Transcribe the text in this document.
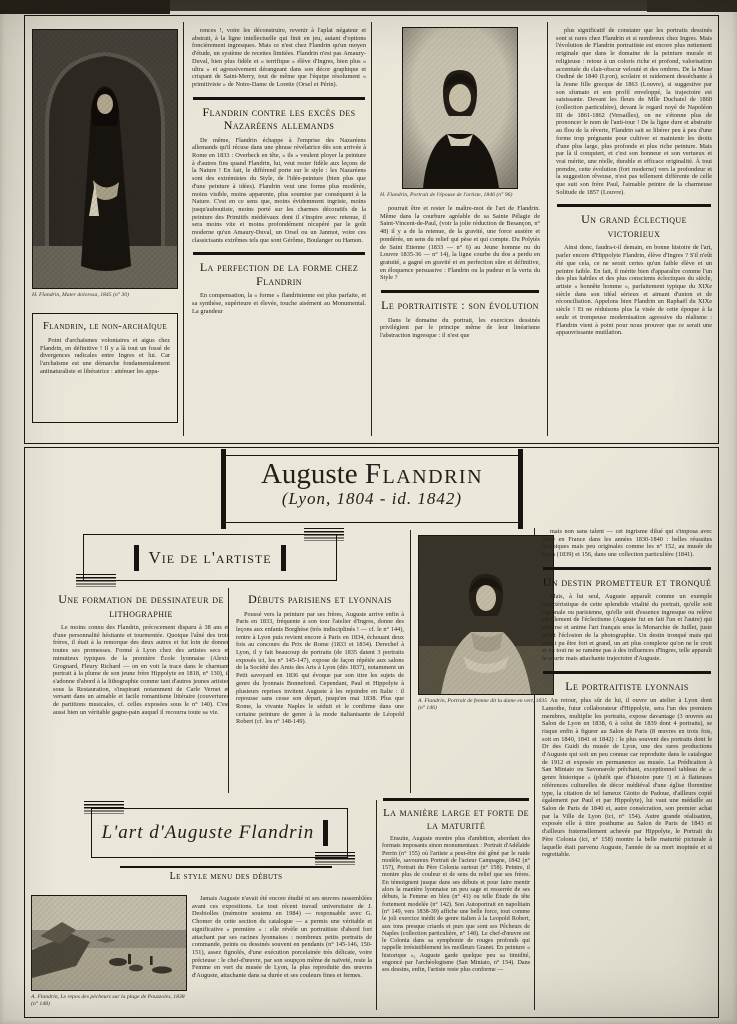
H. Flandrin, Mater dolorosa, 1845 (n° 30)
Flandrin, le non-archaïque
Point d'archaïsmes volontaires et aigus chez Flandrin, en définitive ! Il y a là tout un fossé de divergences radicales entre Ingres et lui. Car l'archaïsme est une démarche fondamentalement antinaturaliste et libératrice : atténuer les appa-
rences !, voire les déconstruire, revenir à l'aplat négateur et abstrait, à la ligne intellectuelle qui finit en jeu, autant d'options foncièrement ingresques. Mais ce n'est chez Flandrin qu'un moyen d'étude, un système de recettes limitées. Flandrin n'est pas Amaury-Duval, bien plus fidèle et « terrifique » élève d'Ingres, bien plus « ultra » et agressivement dérangeant dans son décor graphique et crispant de Saint-Merry, tout de même que l'équipe résolument « primitiviste » de Notre-Dame de Lorette (Orsel et Périn).
Flandrin contre les excès des Nazaréens allemands
De même, Flandrin échappe à l'emprise des Nazaréens allemands qu'il récuse dans une phrase révélatrice dès son arrivée à Rome en 1833 : Overbeck en tête, « ils » veulent ployer la peinture à d'autres fins quand Flandrin, lui, veut rester fidèle aux leçons de la Nature ! En fait, le différend porte sur le style : les Nazaréens sont des extrémistes du Style, de l'idée-peinture (bien plus que d'une peinture à idées). Flandrin veut une forme plus modérée, moins visible, moins apparente, plus soumise par conséquent à la Nature. C'est en ce sens que, moins évidemment ingriste, moins jusqu'auboutiste, moins porté sur les charmes décoratifs de la peinture des Primitifs médiévaux dont il s'inspire avec retenue, il sera moins vite et moins profondément récupéré par le goût moderne qu'un Amaury-Duval, un Orsel ou un Janmot, voire ces classicisants extrêmes tels que sont Gérôme, Boulanger ou Hamon.
La perfection de la forme chez Flandrin
En compensation, la « forme » flandrinienne est plus parfaite, et sa synthèse, supérieure et élevée, touche aisément au Monumental. La grandeur
H. Flandrin, Portrait de l'épouse de l'artiste, 1846 (n° 96)
pourrait être et rester le maître-mot de l'art de Flandrin. Même dans la courbure agréable de sa Sainte Pélagie de Saint-Vincent-de-Paul, (voir la jolie réduction de Besançon, n° 48) il y a de la retenue, de la gravité, une force austère et pondérée, un sens du relief qui pèse et qui compte. Du Polytès de Saint Etienne (1833 — n° 6) au Jeune homme nu du Louvre 1835-36 — n° 14), la ligne courbe du dos a perdu en gratuité, a gagné en gravité et en perfection sûre et définitive, en éloquence persuasive : Flandrin ou la pudeur et la vertu du Style ?
Le portraitiste : son évolution
Dans le domaine du portrait, les exercices dessinés privilégient par le principe même de leur linéarisme l'abstraction ingresque : il n'est que
plus significatif de constater que les portraits dessinés sont si rares chez Flandrin et si nombreux chez Ingres. Mais l'évolution de Flandrin portraitiste est encore plus nettement originale que dans le domaine de la peinture murale et religieuse : retour à un coloris riche et profond, valorisation accentuée du clair-obscur velouté et des ombres. De la Muse Oudiné de 1840 (Lyon), scolaire et raidement desséchante à la Jeune fille grecque de 1863 (Louvre), si suggestive par son sfumato et son profil enveloppé, la trajectoire est saisissante. Devant les fleurs de Mlle Duchatel de 1860 (collection particulière), devant le regard noyé de Napoléon III de 1861-1862 (Versailles), on ne s'étonne plus de prononcer le nom de l'anti-tour ! De la ligne dure et abstraite au flou de la rêverie, Flandrin sait se libérer peu à peu d'une forme trop prégnante pour cultiver et maintenir les droits d'une plus large, plus profonde et plus riche peinture. Mais par là il conquiert, et c'est son honneur et son vertueux et vrai mérite, une réelle, durable et efficace originalité. À tout prendre, cette évolution (fort moderne) vers la profondeur et la suggestion rêveuse, n'est pas tellement différente de celle que suit son frère Paul, l'aimable peintre de la charmeuse Solitude de 1857 (Louvre).
Un grand éclectique victorieux
Ainsi donc, faudra-t-il demain, en bonne histoire de l'art, parler encore d'Hippolyte Flandrin, élève d'Ingres ? S'il n'eût été que cela, ce ne serait certes qu'un faible élève et un peintre faible. En fait, il mérite bien d'apparaître comme l'un des plus habiles et des plus conscients éclectiques du siècle, artiste « honnête homme », parfaitement typique du XIXe siècle dans son idéal sérieux et aimant d'union et de réconciliation. Appelons bien Flandrin un Raphaël du XIXe siècle ! Et ne réduisons plus la visée de cette époque à la seule et trompeuse modernisation agressive du réalisme : Flandrin vient à point pour nous prouver que ce serait une appauvrissante mutilation.
Auguste Flandrin
(Lyon, 1804 - id. 1842)
Vie de l'artiste
Une formation de dessinateur de lithographie
Le moins connu des Flandrin, précocement disparu à 38 ans et d'une personnalité hésitante et tourmentée. Quoique l'aîné des trois frères, il était à la remorque des deux autres et fut loin de donner toutes ses promesses. Formé à Lyon chez des artistes secs et minutieux typiques de la première École lyonnaise (Alexis Grognard, Fleury Richard — on en voit la trace dans le charmant portrait à la plume de son jeune frère Hippolyte en 1818, n° 130), il s'adonne d'abord à la lithographie comme tant d'autres jeunes artistes sous la Restauration, s'inspirant notamment de Carle Vernet et versant dans un aimable et facile romantisme littéraire (couvertures de partitions musicales, cf. celles exposées sous le n° 140). C'est aussi bien un véritable gagne-pain auquel il recourra toute sa vie.
Débuts parisiens et lyonnais
Poussé vers la peinture par ses frères, Auguste arrive enfin à Paris en 1833, fréquente à son tour l'atelier d'Ingres, donne des leçons aux enfants Borghèse (très indisciplinés ! — cf. le n° 144), rentre à Lyon puis revient encore à Paris en 1834, échouant deux fois au concours du Prix de Rome (1833 et 1834). Derechef à Lyon, il y fait beaucoup de portraits (de 1835 datent 3 portraits exposés ici, les n° 145-147), expose de façon répétée aux salons de la Société des Amis des Arts à Lyon (dès 1837), notamment un Petit savoyard en 1836 qui évoque par son titre les sujets de genre du lyonnais Bonnefond. Cependant, Paul et Hippolyte à plusieurs reprises invitent Auguste à les rejoindre en Italie : il repousse sans cesse son départ, jusqu'en mai 1838. Plus que Rome, la vivante Naples le séduit et le confirme dans une certaine peinture de genre à la mode italianisante de Léopold Robert (cf. les n° 148-149).
A. Flandrin, Portrait de femme dit la dame en vert, 1835 (n° 146)
mais non sans talent — cet ingrisme dilué qui s'imposa avec force en France dans les années 1830-1840 : belles réussites techniques mais peu originales comme les n° 152, au musée de Lyon (1839) et 156, dans une collection particulière (1841).
Un destin prometteur et tronqué
Mais, à lui seul, Auguste apparaît comme un exemple caractéristique de cette splendide vitalité du portrait, qu'elle soit régionale ou parisienne, qu'elle soit d'essence ingresque ou relève simplement de l'éclectisme (Auguste fut en fait l'un et l'autre) qui traverse et anime l'art français sous la Monarchie de Juillet, juste avant l'éclosion de la photographie. Un destin tronqué mais qui aurait pu être fort et grand, un art plus complexe qu'on ne le croit et où tout ne se ramène pas à des influences d'Ingres, telle apparaît la courte mais attachante trajectoire d'Auguste.
Le portraitiste lyonnais
Au retour, plus sûr de lui, il ouvre un atelier à Lyon dont Lamothe, futur collaborateur d'Hippolyte, sera l'un des premiers membres, multiplie les portraits, expose davantage (3 œuvres au Salon de Lyon en 1838, 6 à celui de 1839 dont 4 portraits), se risque enfin à figurer au Salon de Paris (8 œuvres en trois fois, soit en 1840, 1841 et 1842) : le plus souvent des portraits dont le Dr des Guidi du musée de Lyon, une des rares productions d'Auguste qui soit un peu connue car reproduite dans le catalogue de 1912 et exposée en permanence au musée. La Prédication à San Miniato ou Savonarole prêchant, exceptionnel tableau de « genre historique » (plutôt que d'histoire pure !) et à flatteuses références culturelles de décor médiéval d'une église florentine type, la citation de tel fameux Giotto de Padoue, d'ailleurs copié également par Paul et par Hippolyte), lui vaut une médaille au Salon de Paris de 1840 et, autre consécration, son premier achat par la Ville de Lyon (ici, n° 154). Autre grande réalisation, exposée elle à titre posthume au Salon de Paris de 1843 et d'ailleurs fraternellement achevée par Hippolyte, le Portrait du Père Colonia (ici, n° 158) montre la belle maturité picturale à laquelle était parvenu Auguste, l'année de sa mort inopinée et si regrettable.
L'art d'Auguste Flandrin
Le style menu des débuts
Jamais Auguste n'avait été encore étudié ni ses œuvres rassemblées avant ces expositions. Le tout récent travail universitaire de J. Desbiolles (mémoire soutenu en 1984) — responsable avec G. Chomer de cette section du catalogue — a permis une véritable et significative « première » : elle révèle un portraitiste d'abord fort attachant par ses racines lyonnaises : nombreux petits portraits de commande, peints ou dessinés souvent en pendants (n° 145-146, 150-151), assez fignolés, d'une exécution porcelainée très délicate, voire précieuse : le chef-d'œuvre, par son soupçon même de naïveté, reste la Femme en vert du musée de Lyon, la plus reproduite des œuvres d'Auguste, attachante dans sa durée et ses couleurs fines et fermes.
A. Flandrin, Le repos des pêcheurs sur la plage de Pouzzoles, 1838 (n° 148)
La manière large et forte de la maturité
Ensuite, Auguste montre plus d'ambition, abordant des formats imposants sinon monumentaux : Portrait d'Adélaïde Perrin (n° 155) où l'artiste a peut-être été gêné par le raide modèle, savoureux Portrait de l'acteur Campagne, 1842 (n° 157), Portrait du Père Colonia surtout (n° 158). Peintre, il montre plus de couleur et de sens du relief que ses frères. En témoignent jusque dans ses débuts et pour faire mentir alors la manière lyonnaise un peu sage et resserrée de ses débuts, la Femme en bleu (n° 41) ou telle Étude de tête fortement modelée (n° 142). Son Autoportrait en napolitain (n° 149, vers 1838-39) affiche une belle force, tout comme le joli exercice inédit de genre italien à la Leopold Robert, aux tons presque criards et purs que sont ses Pêcheurs de Naples (collection particulière, n° 148). Le chef-d'œuvre est le Colonia dans sa symphonie de rouges profonds qui rappelle irrésistiblement les meilleurs Granet. En peinture « historique », Auguste garde quelque peu sa timidité, engoncé par l'archéologisme (San Miniato, n° 154). Dans ses dessins, enfin, l'artiste reste plus conforme —
